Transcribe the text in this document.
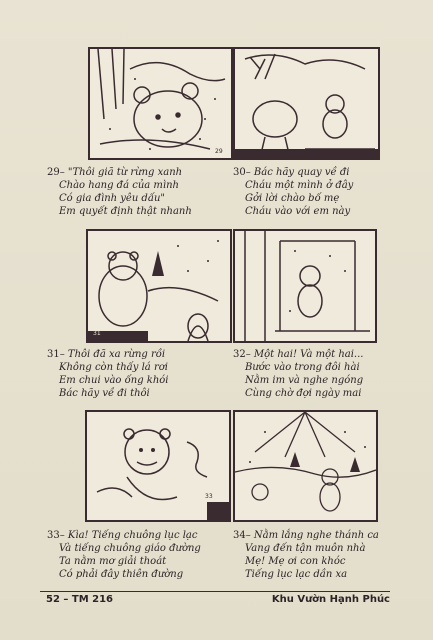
29
29– "Thôi giã từ rừng xanh
Chào hang đá của mình
Có gia đình yêu dấu"
Em quyết định thật nhanh
30– Bác hãy quay về đi
Cháu một mình ở đây
Gởi lời chào bố mẹ
Cháu vào với em này
31
31– Thôi đã xa rừng rồi
Không còn thấy lá rơi
Em chui vào ống khói
Bác hãy về đi thôi
32– Một hai! Và một hai...
Bước vào trong đôi hài
Nằm im và nghe ngóng
Cùng chờ đợi ngày mai
33
33– Kìa! Tiếng chuông lục lạc
Và tiếng chuông giáo đường
Ta nằm mơ giải thoát
Có phải đây thiên đường
34– Nằm lắng nghe thánh ca
Vang đến tận muôn nhà
Mẹ! Mẹ ơi con khóc
Tiếng lục lạc dần xa
52 – TM 216	Khu Vườn Hạnh Phúc
